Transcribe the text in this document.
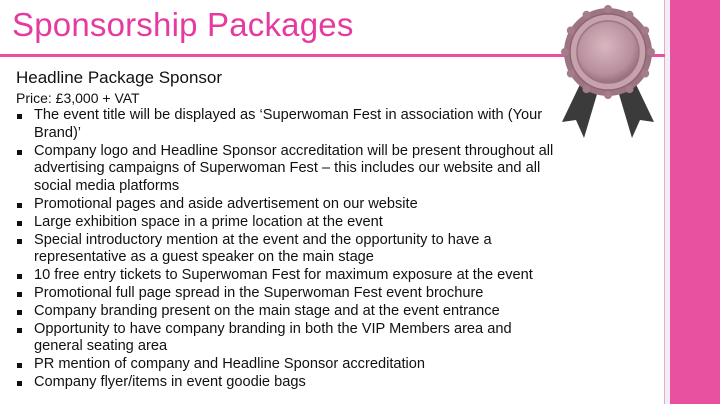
Sponsorship Packages
Headline Package Sponsor
Price: £3,000 + VAT
The event title will be displayed as ‘Superwoman Fest in association with (Your Brand)’
Company logo and Headline Sponsor accreditation will be present throughout all advertising campaigns of Superwoman Fest – this includes our website and all social media platforms
Promotional pages and aside advertisement on our website
Large exhibition space in a prime location at the event
Special introductory mention at the event and the opportunity to have a representative as a guest speaker on the main stage
10 free entry tickets to Superwoman Fest for maximum exposure at the event
Promotional full page spread in the Superwoman Fest event brochure
Company branding present on the main stage and at the event entrance
Opportunity to have company branding in both the VIP Members area and general seating area
PR mention of company and Headline Sponsor accreditation
Company flyer/items in event goodie bags
